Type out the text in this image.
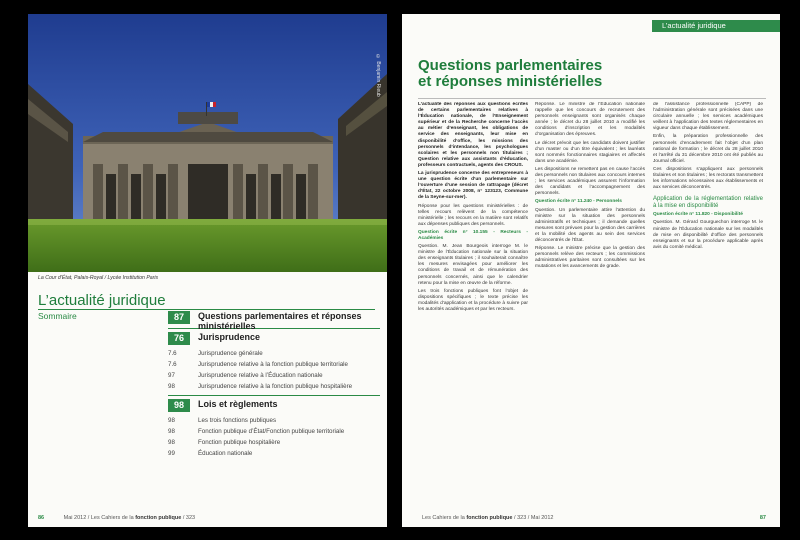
© Benjamin Rieub
La Cour d’État, Palais-Royal / Lycée Institution Paris
L’actualité juridique
Sommaire	87	Questions parlementaires et réponses ministérielles
76	Jurisprudence
7.6	Jurisprudence générale
7.6	Jurisprudence relative à la fonction publique territoriale
97	Jurisprudence relative à l’Éducation nationale
98	Jurisprudence relative à la fonction publique hospitalière
98	Lois et règlements
98	Les trois fonctions publiques
98	Fonction publique d’État/Fonction publique territoriale
98	Fonction publique hospitalière
99	Éducation nationale
86	Mai 2012 / Les Cahiers de la fonction publique / 323
L’actualité juridique
Questions parlementaires
et réponses ministérielles

L’actualité des réponses aux questions écrites de certains parlementaires relatives à l’Éducation nationale, de l’Enseignement supérieur et de la Recherche concerne l’accès au métier d’enseignant, les obligations de service des enseignants, leur mise en disponibilité d’office, les missions des personnels d’intendance, les psychologues scolaires et les personnels non titulaires ; Question relative aux assistants d’éducation, professeurs contractuels, agents des CROUS.

La jurisprudence concerne des entrepreneurs à une question écrite d’un parlementaire sur l’ouverture d’une session de rattrapage (décret d’État, 22 octobre 2008, n° 123123, Commune de la Seyne-sur-mer).

Réponse pour les questions ministérielles : de telles recours relèvent de la compétence ministérielle ; les recours en la matière sont relatifs aux dépenses publiques des personnels.

Question écrite n° 10.155 - Recteurs - Académies

Question. M. Jean Bourgeois interroge M. le ministre de l’Éducation nationale sur la situation des enseignants titulaires ; il souhaiterait connaître les mesures envisagées pour améliorer les conditions de travail et de rémunération des personnels concernés, ainsi que le calendrier retenu pour la mise en œuvre de la réforme.

Les trois fonctions publiques font l’objet de dispositions spécifiques ; le texte précise les modalités d’application et la procédure à suivre par les autorités académiques et par les recteurs.

Réponse. Le ministre de l’Éducation nationale rappelle que les concours de recrutement des personnels enseignants sont organisés chaque année ; le décret du 28 juillet 2010 a modifié les conditions d’inscription et les modalités d’organisation des épreuves.

Le décret prévoit que les candidats doivent justifier d’un master ou d’un titre équivalent ; les lauréats sont nommés fonctionnaires stagiaires et affectés dans une académie.

Les dispositions ne remettent pas en cause l’accès des personnels non titulaires aux concours internes ; les services académiques assurent l’information des candidats et l’accompagnement des personnels.

Question écrite n° 11.240 - Personnels

Question. Un parlementaire attire l’attention du ministre sur la situation des personnels administratifs et techniques ; il demande quelles mesures sont prévues pour la gestion des carrières et la mobilité des agents au sein des services déconcentrés de l’État.

Réponse. Le ministre précise que la gestion des personnels relève des recteurs ; les commissions administratives paritaires sont consultées sur les mutations et les avancements de grade.

de l’assistance professionnelle (CAPP) de l’administration générale sont précisées dans une circulaire annuelle ; les services académiques veillent à l’application des textes réglementaires en vigueur dans chaque établissement.

Enfin, la préparation professionnelle des personnels d’encadrement fait l’objet d’un plan national de formation ; le décret du 28 juillet 2010 et l’arrêté du 31 décembre 2010 ont été publiés au Journal officiel.

Ces dispositions s’appliquent aux personnels titulaires et non titulaires ; les rectorats transmettent les informations nécessaires aux établissements et aux services déconcentrés.

Application de la réglementation relative à la mise en disponibilité

Question écrite n° 11.820 - Disponibilité

Question. M. Gérard Gourguechon interroge M. le ministre de l’Éducation nationale sur les modalités de mise en disponibilité d’office des personnels enseignants et sur la procédure applicable après avis du comité médical.

Les Cahiers de la fonction publique / 323 / Mai 2012	87
